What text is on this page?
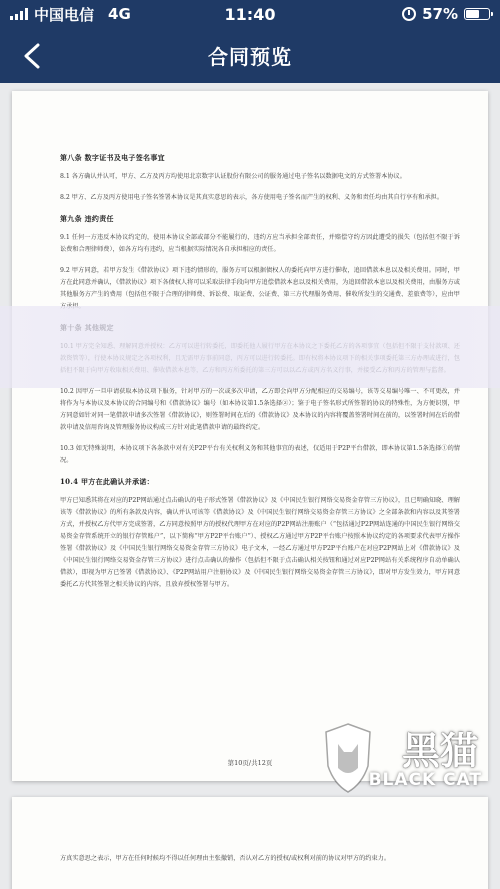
中国电信 4G	11:40	57%
合同预览
第八条 数字证书及电子签名事宜
8.1 各方确认并认可，甲方、乙方及丙方均使用北京数字认证股份有限公司的服务通过电子签名以数据电文的方式签署本协议。
8.2 甲方、乙方及丙方使用电子签名签署本协议是其真实意思的表示，各方使用电子签名而产生的权利、义务和责任均由其自行享有和承担。
第九条 违约责任
9.1 任何一方违反本协议约定的，使用本协议全部或部分不能履行的，违约方应当承担全部责任，并赔偿守约方因此遭受的损失（包括但不限于诉讼费和合理律师费），如各方均有违约，应当根据实际情况各自承担相应的责任。
9.2 甲方同意，若甲方发生《借款协议》项下违约情形的，服务方可以根据债权人的委托向甲方进行催收，追回借款本息以及相关费用。同时，甲方在此同意并确认，《借款协议》项下各债权人将可以采取法律手段向甲方追偿借款本息以及相关费用，为追回借款本息以及相关费用，由服务方或其他服务方产生的费用（包括但不限于合理的律师费、诉讼费、取证费、公证费、第三方代理服务费用、催收所发生的交通费、差旅费等），应由甲
10.2 因甲方一旦申请获取本协议项下服务，针对甲方的一次或多次申请，乙方即会向甲方分配相应的交易编号，该等交易编号唯一、不可更改，并将作为与本协议及本协议的合同编号和《借款协议》编号（如本协议第1.5条选择②）；鉴于电子签名形式所签署的协议的特殊性，为方便识别，甲方同意如针对同一笔借款申请多次签署《借款协议》，则签署时间在后的《借款协议》及本协议的内容将覆盖签署时间在前的，以签署时间在后的借款申请及信用咨询及管理服务协议构成三方针对此笔借款申请的最终约定。
10.3 如无特殊说明，本协议项下各条款中对有关P2P平台有关权利义务和其他事宜的表述，仅适用于P2P平台借款，即本协议第1.5条选择①的情况。
10.4 甲方在此确认并承诺：
甲方已知悉其将在对应的P2P网站通过点击确认的电子形式签署《借款协议》及《中国民生银行网络交易资金存管三方协议》，且已明确知晓、理解该等《借款协议》的所有条款及内容，确认并认可该等《借款协议》及《中国民生银行网络交易资金存管三方协议》之全部条款和内容以及其签署方式，并授权乙方代甲方完成签署，乙方同意按照甲方的授权代理甲方在对应的P2P网站注册账户（“包括通过P2P网站连通的中国民生银行网络交易资金存管系统开立的银行存管账户”，以下简称“甲方P2P平台账户”）、授权乙方通过甲方P2P平台账户按照本协议约定的各项要求代表甲方操作签署《借款协议》及《中国民生银行网络交易资金存管三方协议》电子文本，一经乙方通过甲方P2P平台账户在对应P2P网站上对《借款协议》及《中国民生银行网络交易资金存管三方协议》进行点击确认的操作（包括但不限于点击确认相关按钮和通过对应P2P网站有关系统程序自动单确认借款），即视为甲方已签署《借款协议》、《P2P网站用户注册协议》及《中国民生银行网络交易资金存管三方协议》，即对甲方发生效力，甲方同意委托乙方代其签署之相关协议的内容，且放弃授权签署与甲方。
第10页/共12页
方真实意思之表示，甲方在任何时候均不得以任何理由主张撤销，否认对乙方的授权/或权利对前的协议对甲方的约束力。
黑猫
BLACK CAT
